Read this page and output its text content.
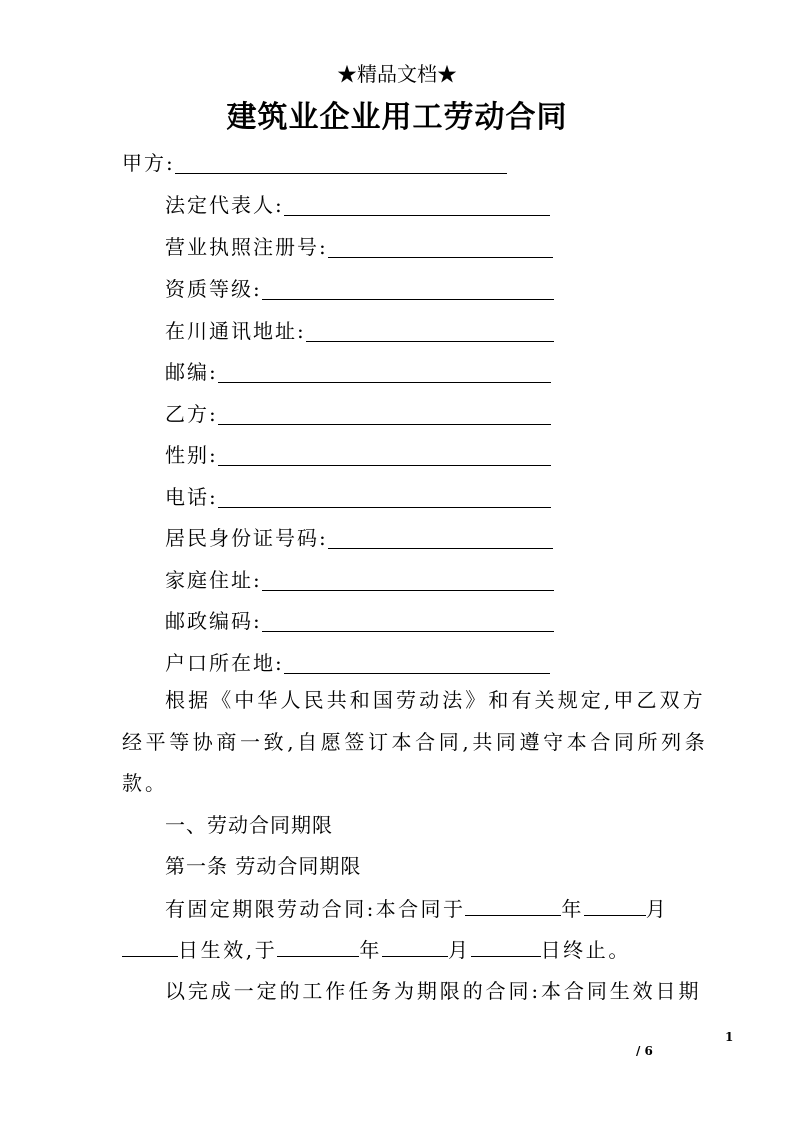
★精品文档★
建筑业企业用工劳动合同
甲方:
法定代表人:
营业执照注册号:
资质等级:
在川通讯地址:
邮编:
乙方:
性别:
电话:
居民身份证号码:
家庭住址:
邮政编码:
户口所在地:
根据《中华人民共和国劳动法》和有关规定,甲乙双方
经平等协商一致,自愿签订本合同,共同遵守本合同所列条
款。
一、劳动合同期限
第一条 劳动合同期限
有固定期限劳动合同:本合同于	年	月
日生效,于	年	月	日终止。
以完成一定的工作任务为期限的合同:本合同生效日期
1
/ 6
